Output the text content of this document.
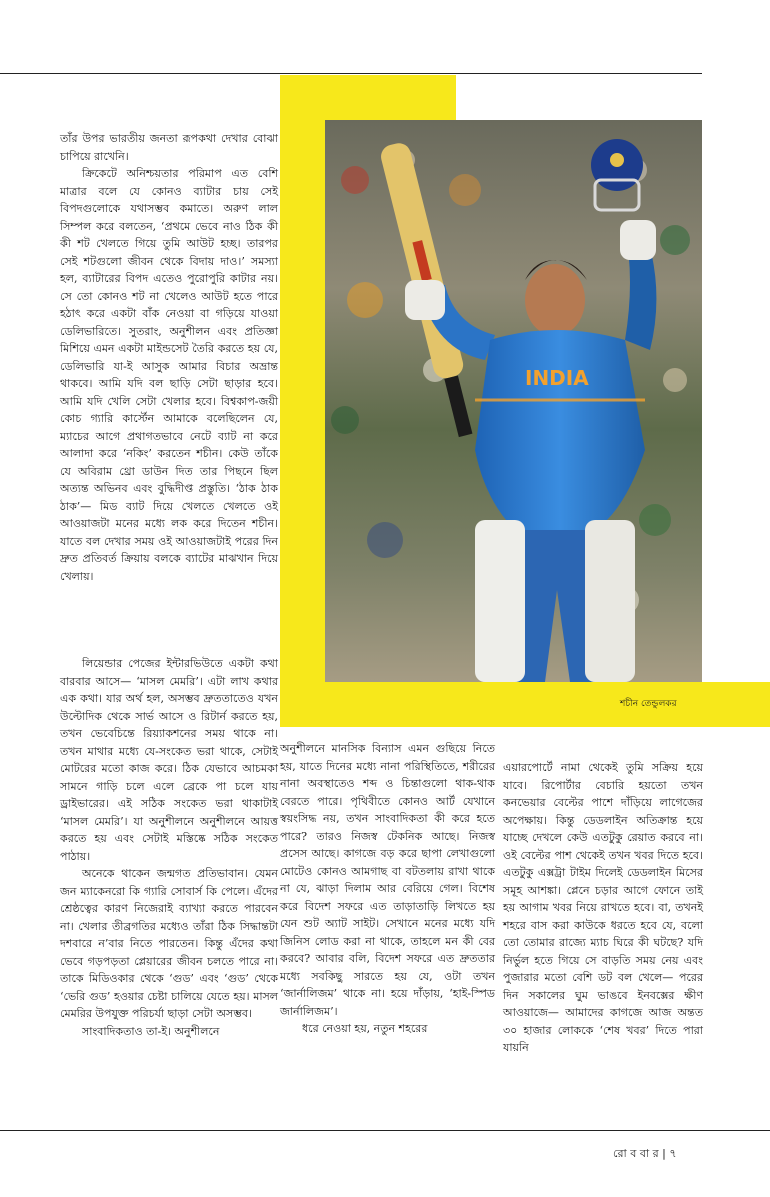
INDIA
শচীন তেন্ডুলকর

তাঁর উপর ভারতীয় জনতা রূপকথা দেখার বোঝা চাপিয়ে রাখেনি।

ক্রিকেটে অনিশ্চয়তার পরিমাপ এত বেশি মাত্রার বলে যে কোনও ব্যাটার চায় সেই বিপদগুলোকে যথাসম্ভব কমাতে। অরুণ লাল সিম্পল করে বলতেন, ‘প্রথমে ভেবে নাও ঠিক কী কী শট খেলতে গিয়ে তুমি আউট হচ্ছ। তারপর সেই শটগুলো জীবন থেকে বিদায় দাও।’ সমস্যা হল, ব্যাটারের বিপদ এতেও পুরোপুরি কাটার নয়। সে তো কোনও শট না খেলেও আউট হতে পারে হঠাৎ করে একটা বাঁক নেওয়া বা গড়িয়ে যাওয়া ডেলিভারিতে। সুতরাং, অনুশীলন এবং প্রতিজ্ঞা মিশিয়ে এমন একটা মাইন্ডসেট তৈরি করতে হয় যে, ডেলিভারি যা-ই আসুক আমার বিচার অভ্রান্ত থাকবে। আমি যদি বল ছাড়ি সেটা ছাড়ার হবে। আমি যদি খেলি সেটা খেলার হবে। বিশ্বকাপ-জয়ী কোচ গ্যারি কার্স্টেন আমাকে বলেছিলেন যে, ম্যাচের আগে প্রথাগতভাবে নেটে ব্যাট না করে আলাদা করে ‘নকিং’ করতেন শচীন। কেউ তাঁকে যে অবিরাম থ্রো ডাউন দিত তার পিছনে ছিল অত্যন্ত অভিনব এবং বুদ্ধিদীপ্ত প্রস্তুতি। ‘ঠাক ঠাক ঠাক’— মিড ব্যাট দিয়ে খেলতে খেলতে ওই আওয়াজটা মনের মধ্যে লক করে দিতেন শচীন। যাতে বল দেখার সময় ওই আওয়াজটাই পরের দিন দ্রুত প্রতিবর্ত ক্রিয়ায় বলকে ব্যাটের মাঝখান দিয়ে খেলায়।

লিয়েন্ডার পেজের ইন্টারভিউতে একটা কথা বারবার আসে— ‘মাসল মেমরি’। এটা লাখ কথার এক কথা। যার অর্থ হল, অসম্ভব দ্রুততাতেও যখন উল্টোদিক থেকে সার্ভ আসে ও রিটার্ন করতে হয়, তখন ভেবেচিন্তে রিয়্যাকশনের সময় থাকে না। তখন মাথার মধ্যে যে-সংকেত ভরা থাকে, সেটাই মোটরের মতো কাজ করে। ঠিক যেভাবে আচমকা সামনে গাড়ি চলে এলে ব্রেকে পা চলে যায় ড্রাইভারের। এই সঠিক সংকেত ভরা থাকাটাই ‘মাসল মেমরি’। যা অনুশীলনে অনুশীলনে আয়ত্ত করতে হয় এবং সেটাই মস্তিষ্কে সঠিক সংকেত পাঠায়।

অনেকে থাকেন জন্মগত প্রতিভাবান। যেমন জন ম্যাকেনরো কি গ্যারি সোবার্স কি পেলে। এঁদের শ্রেষ্ঠত্বের কারণ নিজেরাই ব্যাখ্যা করতে পারবেন না। খেলার তীব্রগতির মধ্যেও তাঁরা ঠিক সিদ্ধান্তটা দশবারে ন’বার নিতে পারতেন। কিন্তু এঁদের কথা ভেবে গড়পড়তা প্লেয়ারের জীবন চলতে পারে না। তাকে মিডিওকার থেকে ‘গুড’ এবং ‘গুড’ থেকে ‘ভেরি গুড’ হওয়ার চেষ্টা চালিয়ে যেতে হয়। মাসল মেমরির উপযুক্ত পরিচর্যা ছাড়া সেটা অসম্ভব।

সাংবাদিকতাও তা-ই। অনুশীলনে

অনুশীলনে মানসিক বিন্যাস এমন গুছিয়ে নিতে হয়, যাতে দিনের মধ্যে নানা পরিস্থিতিতে, শরীরের নানা অবস্থাতেও শব্দ ও চিন্তাগুলো থাক-থাক বেরতে পারে। পৃথিবীতে কোনও আর্ট যেখানে স্বয়ংসিদ্ধ নয়, তখন সাংবাদিকতা কী করে হতে পারে? তারও নিজস্ব টেকনিক আছে। নিজস্ব প্রসেস আছে। কাগজে বড় করে ছাপা লেখাগুলো মোটেও কোনও আমগাছ বা বটতলায় রাখা থাকে না যে, ঝাড়া দিলাম আর বেরিয়ে গেল। বিশেষ করে বিদেশ সফরে এত তাড়াতাড়ি লিখতে হয় যেন শুট অ্যাট সাইট। সেখানে মনের মধ্যে যদি জিনিস লোড করা না থাকে, তাহলে মন কী বের করবে? আবার বলি, বিদেশ সফরে এত দ্রুততার মধ্যে সবকিছু সারতে হয় যে, ওটা তখন ‘জার্নালিজম’ থাকে না। হয়ে দাঁড়ায়, ‘হাই-স্পিড জার্নালিজম’।

ধরে নেওয়া হয়, নতুন শহরের

এয়ারপোর্টে নামা থেকেই তুমি সক্রিয় হয়ে যাবে। রিপোর্টার বেচারি হয়তো তখন কনভেয়ার বেল্টের পাশে দাঁড়িয়ে লাগেজের অপেক্ষায়। কিন্তু ডেডলাইন অতিক্রান্ত হয়ে যাচ্ছে দেখলে কেউ এতটুকু রেয়াত করবে না। ওই বেল্টের পাশ থেকেই তখন খবর দিতে হবে। এতটুকু এক্সট্রা টাইম দিলেই ডেডলাইন মিসের সমূহ আশঙ্কা। প্লেনে চড়ার আগে ফোনে তাই হয় আগাম খবর নিয়ে রাখতে হবে। বা, তখনই শহরে বাস করা কাউকে ধরতে হবে যে, বলো তো তোমার রাজ্যে ম্যাচ ঘিরে কী ঘটছে? যদি নির্ভুল হতে গিয়ে সে বাড়তি সময় নেয় এবং পুজারার মতো বেশি ডট বল খেলে— পরের দিন সকালের ঘুম ভাঙবে ইনবক্সের ক্ষীণ আওয়াজে— আমাদের কাগজে আজ অন্তত ৩০ হাজার লোককে ‘শেষ খবর’ দিতে পারা যায়নি

রো ব বা র | ৭
